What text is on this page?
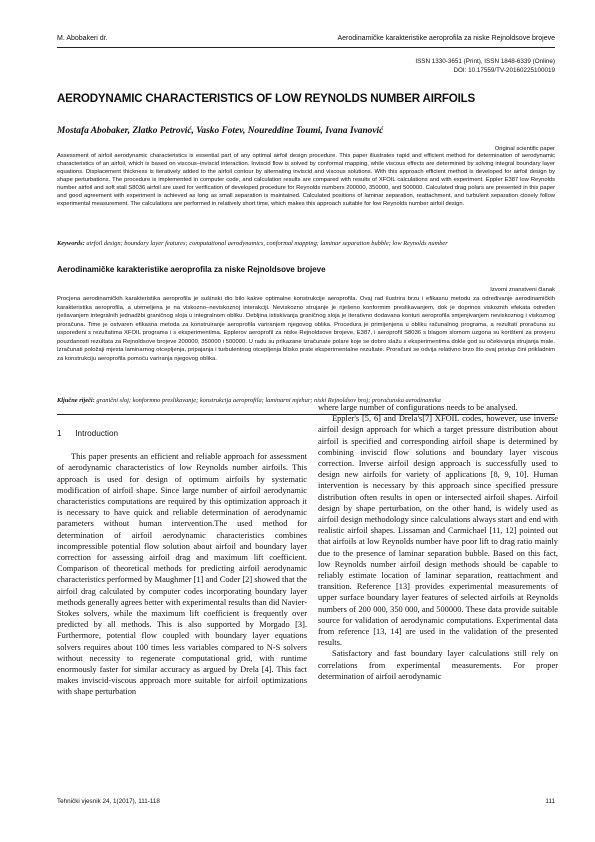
M. Abobakeri dr.	Aerodinamičke karakteristike aeroprofila za niske Rejnoldsove brojeve
ISSN 1330-3651 (Print), ISSN 1848-6339 (Online)
DOI: 10.17559/TV-20160225100019
AERODYNAMIC CHARACTERISTICS OF LOW REYNOLDS NUMBER AIRFOILS
Mostafa Abobaker, Zlatko Petrović, Vasko Fotev, Noureddine Toumi, Ivana Ivanović
Original scientific paper
Assessment of airfoil aerodynamic characteristics is essential part of any optimal airfoil design procedure. This paper illustrates rapid and efficient method for determination of aerodynamic characteristics of an airfoil, which is based on viscous–inviscid interaction. Inviscid flow is solved by conformal mapping, while viscous effects are determined by solving integral boundary layer equations. Displacement thickness is iteratively added to the airfoil contour by alternating inviscid and viscous solutions. With this approach efficient method is developed for airfoil design by shape perturbations. The procedure is implemented in computer code, and calculation results are compared with results of XFOIL calculations and with experiment. Eppler E387 low Reynolds number airfoil and soft stall S8036 airfoil are used for verification of developed procedure for Reynolds numbers 200000, 350000, and 500000. Calculated drag polars are presented in this paper and good agreement with experiment is achieved as long as small separation is maintained. Calculated positions of laminar separation, reattachment, and turbulent separation closely follow experimental measurement. The calculations are performed in relatively short time, which makes this approach suitable for low Reynolds number airfoil design.
Keywords: airfoil design; boundary layer features; computational aerodynamics, conformal mapping; laminar separation bubble; low Reynolds number
Aerodinamičke karakteristike aeroprofila za niske Rejnoldsove brojeve
Izvorni znanstveni članak
Procjena aerodinamičkih karakteristika aeroprofila je sušinski dio bilo kakve optimalne konstrukcije aeroprofila. Ovaj rad ilustrira brzu i efikasnu metodu za određivanje aerodinamičkih karakteristika aeroprofila, a utemeljena je na viskozno–neviskoznoj interakciji. Neviskozno strujanje je riješeno konformim preslikavanjem, dok je doprinos viskoznih efekata određen rješavanjem integralnih jednadžbi graničnog sloja u integralnom obliku. Debljina istiskivanja graničnog sloja je iterativno dodavana konturi aeroprofila smjenjivanjem neviskoznog i viskoznog proračuna. Time je ostvaren efikasna metoda za konstruiranje aeroprofila variranjem njegovog oblika. Procedura je primijenjena u obliku računalnog programa, a rezultati proračuna su uspoređeni s rezultatima XFOIL programa i s eksperimentima. Epplerov aeroprofil za niske Rejnoldsove brojeve, E387, i aeroprofil S8036 s blagom slomom uzgona su korišteni za provjeru pouzdanosti rezultata za Rejnoldsove brojeve 200000, 350000 i 500000. U radu su prikazane izračunate polare koje se dobro slažu s eksperimentima dokle god su očekivanja strujanja male. Izračunati položaji mjesta laminarnog otcepljenja, pripajanja i turbulentnog otcepljenja blisko prate eksperimentalne rezultate. Proračuni se odvija relativno brzo što ovaj pristup čini prikladnim za konstrukciju aeroprofila pomoću variranja njegovog oblika.
Ključne riječi: granični sloj; konformno preslikavanje; konstrukcija aeroprofila; laminarni mjehur; niski Rejnoldsov broj; proračunska aerodinamika
1 Introduction

This paper presents an efficient and reliable approach for assessment of aerodynamic characteristics of low Reynolds number airfoils. This approach is used for design of optimum airfoils by systematic modification of airfoil shape. Since large number of airfoil aerodynamic characteristics computations are required by this optimization approach it is necessary to have quick and reliable determination of aerodynamic parameters without human intervention.The used method for determination of airfoil aerodynamic characteristics combines incompressible potential flow solution about airfoil and boundary layer correction for assessing airfoil drag and maximum lift coefficient. Comparison of theoretical methods for predicting airfoil aerodynamic characteristics performed by Maughmer [1] and Coder [2] showed that the airfoil drag calculated by computer codes incorporating boundary layer methods generally agrees better with experimental results than did Navier-Stokes solvers, while the maximum lift coefficient is frequently over predicted by all methods. This is also supported by Morgado [3]. Furthermore, potential flow coupled with boundary layer equations solvers requires about 100 times less variables compared to N-S solvers without necessity to regenerate computational grid, with runtime enormously faster for similar accuracy as argued by Drela [4]. This fact makes inviscid-viscous approach more suitable for airfoil optimizations with shape perturbation

where large number of configurations needs to be analysed.

Eppler's [5, 6] and Drela's[7] XFOIL codes, however, use inverse airfoil design approach for which a target pressure distribution about airfoil is specified and corresponding airfoil shape is determined by combining inviscid flow solutions and boundary layer viscous correction. Inverse airfoil design approach is successfully used to design new airfoils for variety of applications [8, 9, 10]. Human intervention is necessary by this approach since specified pressure distribution often results in open or intersected airfoil shapes. Airfoil design by shape perturbation, on the other hand, is widely used as airfoil design methodology since calculations always start and end with realistic airfoil shapes. Lissaman and Carmichael [11, 12] pointed out that airfoils at low Reynolds number have poor lift to drag ratio mainly due to the presence of laminar separation bubble. Based on this fact, low Reynolds number airfoil design methods should be capable to reliably estimate location of laminar separation, reattachment and transition. Reference [13] provides experimental measurements of upper surface boundary layer features of selected airfoils at Reynolds numbers of 200 000, 350 000, and 500000. These data provide suitable source for validation of aerodynamic computations. Experimental data from reference [13, 14] are used in the validation of the presented results.

Satisfactory and fast boundary layer calculations still rely on correlations from experimental measurements. For proper determination of airfoil aerodynamic

Tehnički vjesnik 24, 1(2017), 111-118	111
